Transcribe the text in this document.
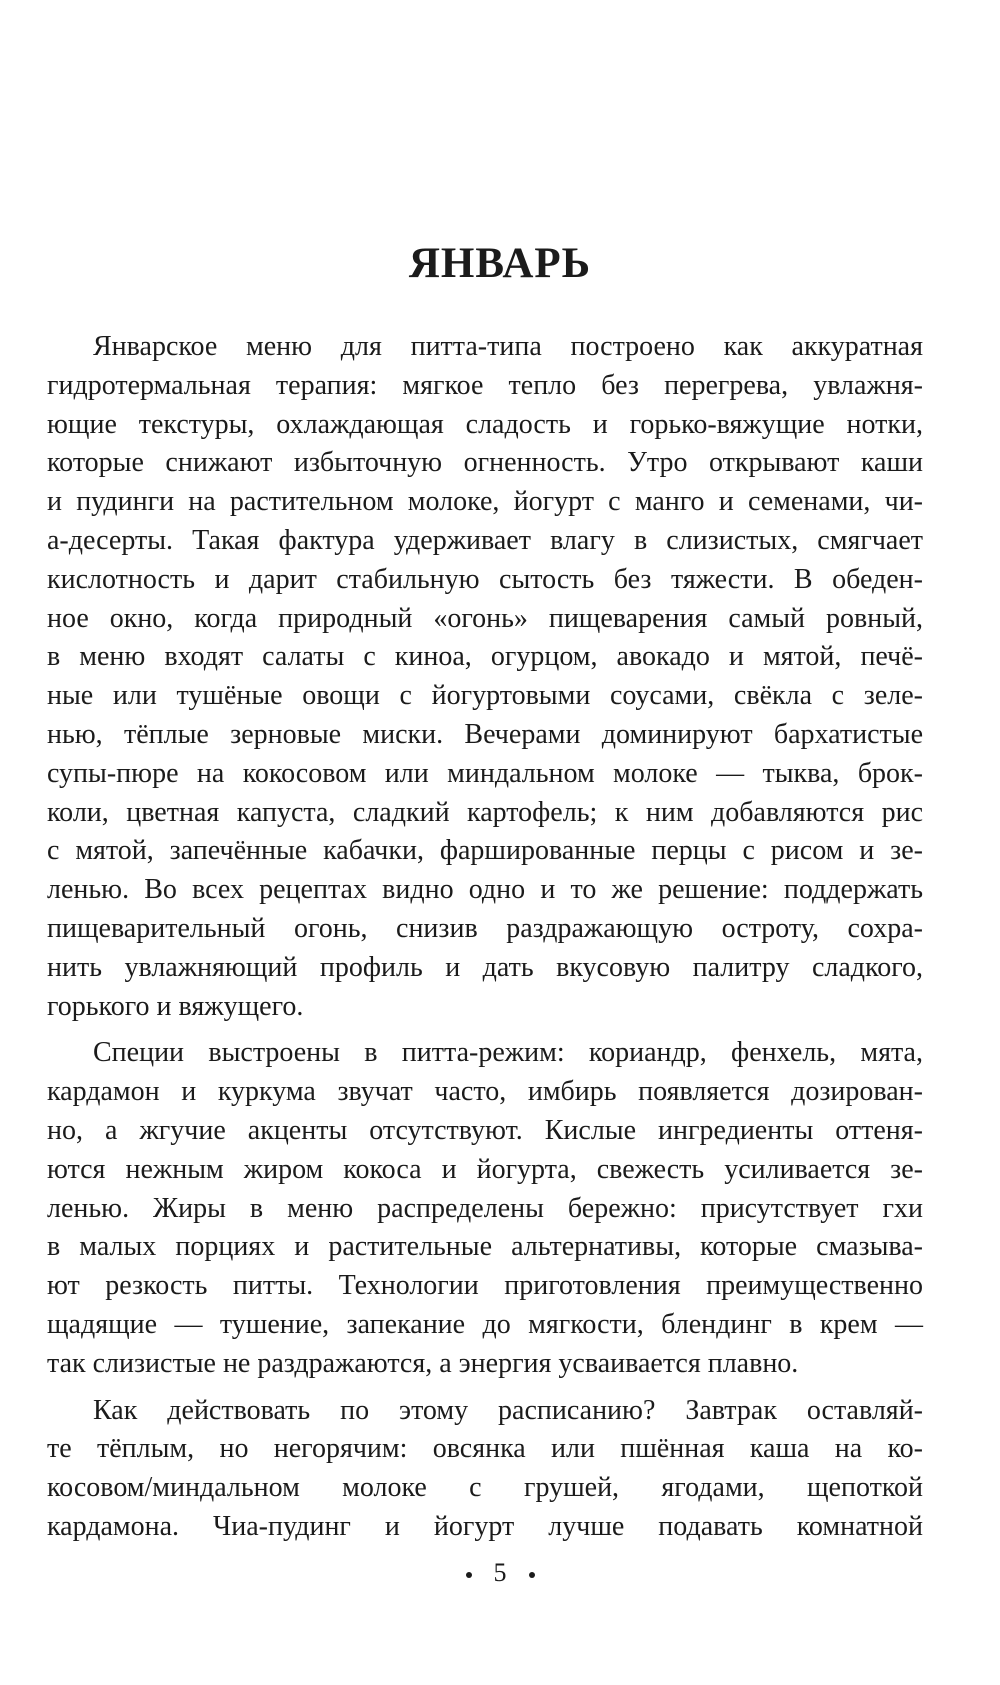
ЯНВАРЬ
Январское меню для питта-типа построено как аккуратная
гидротермальная терапия: мягкое тепло без перегрева, увлажня-
ющие текстуры, охлаждающая сладость и горько-вяжущие нотки,
которые снижают избыточную огненность. Утро открывают каши
и пудинги на растительном молоке, йогурт с манго и семенами, чи-
а-десерты. Такая фактура удерживает влагу в слизистых, смягчает
кислотность и дарит стабильную сытость без тяжести. В обеден-
ное окно, когда природный «огонь» пищеварения самый ровный,
в меню входят салаты с киноа, огурцом, авокадо и мятой, печё-
ные или тушёные овощи с йогуртовыми соусами, свёкла с зеле-
нью, тёплые зерновые миски. Вечерами доминируют бархатистые
супы-пюре на кокосовом или миндальном молоке — тыква, брок-
коли, цветная капуста, сладкий картофель; к ним добавляются рис
с мятой, запечённые кабачки, фаршированные перцы с рисом и зе-
ленью. Во всех рецептах видно одно и то же решение: поддержать
пищеварительный огонь, снизив раздражающую остроту, сохра-
нить увлажняющий профиль и дать вкусовую палитру сладкого,
горького и вяжущего.
Специи выстроены в питта-режим: кориандр, фенхель, мята,
кардамон и куркума звучат часто, имбирь появляется дозирован-
но, а жгучие акценты отсутствуют. Кислые ингредиенты оттеня-
ются нежным жиром кокоса и йогурта, свежесть усиливается зе-
ленью. Жиры в меню распределены бережно: присутствует гхи
в малых порциях и растительные альтернативы, которые смазыва-
ют резкость питты. Технологии приготовления преимущественно
щадящие — тушение, запекание до мягкости, блендинг в крем —
так слизистые не раздражаются, а энергия усваивается плавно.
Как действовать по этому расписанию? Завтрак оставляй-
те тёплым, но негорячим: овсянка или пшённая каша на ко-
косовом/миндальном молоке с грушей, ягодами, щепоткой
кардамона. Чиа-пудинг и йогурт лучше подавать комнатной
5
